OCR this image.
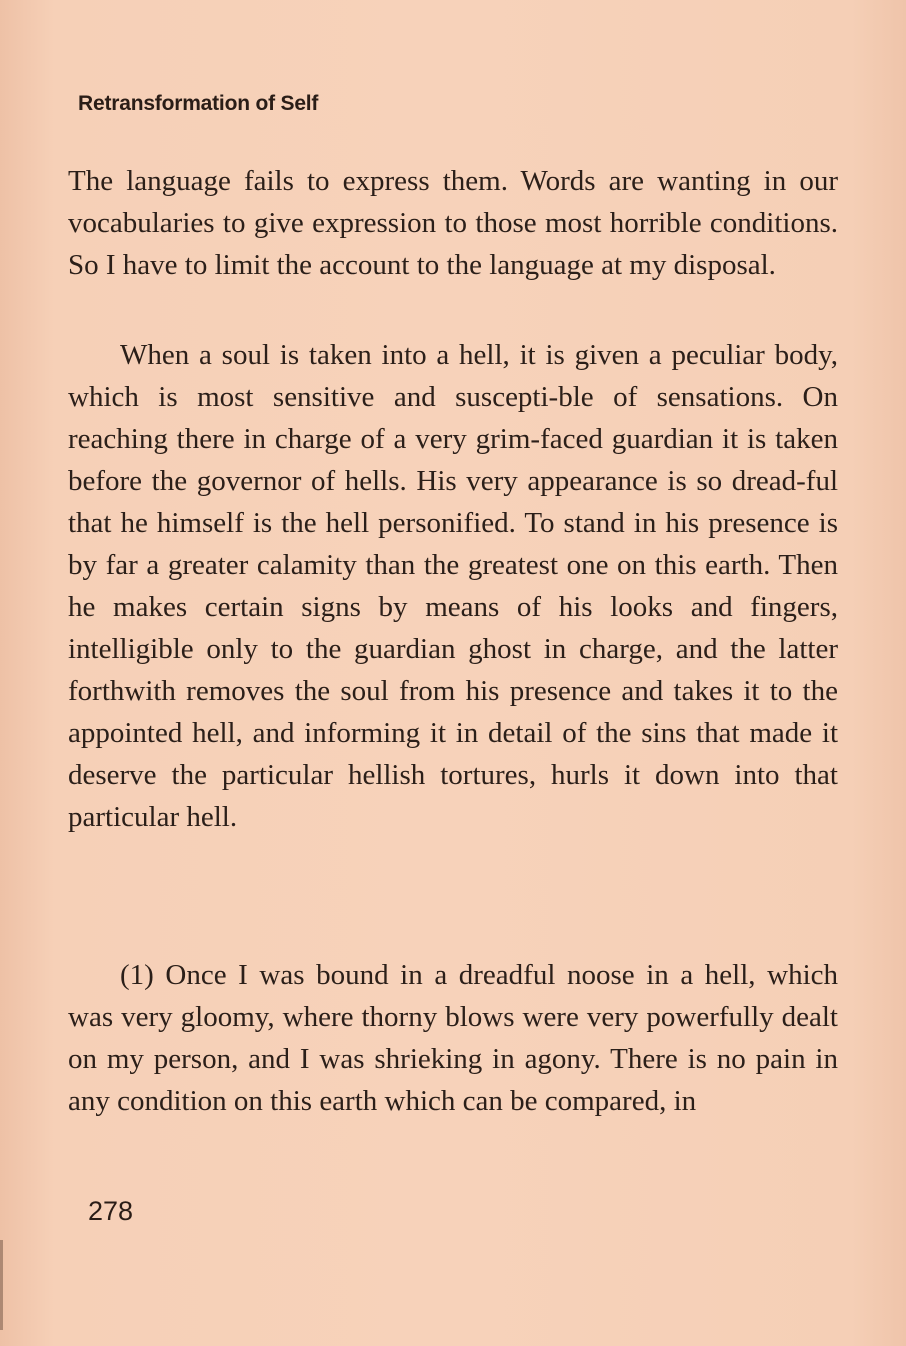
Retransformation of Self

The language fails to express them. Words are wanting in our vocabularies to give expression to those most horrible conditions. So I have to limit the account to the language at my disposal.

When a soul is taken into a hell, it is given a peculiar body, which is most sensitive and suscepti-ble of sensations. On reaching there in charge of a very grim-faced guardian it is taken before the governor of hells. His very appearance is so dread-ful that he himself is the hell personified. To stand in his presence is by far a greater calamity than the greatest one on this earth. Then he makes certain signs by means of his looks and fingers, intelligible only to the guardian ghost in charge, and the latter forthwith removes the soul from his presence and takes it to the appointed hell, and informing it in detail of the sins that made it deserve the particular hellish tortures, hurls it down into that particular hell.

(1) Once I was bound in a dreadful noose in a hell, which was very gloomy, where thorny blows were very powerfully dealt on my person, and I was shrieking in agony. There is no pain in any condition on this earth which can be compared, in

278
